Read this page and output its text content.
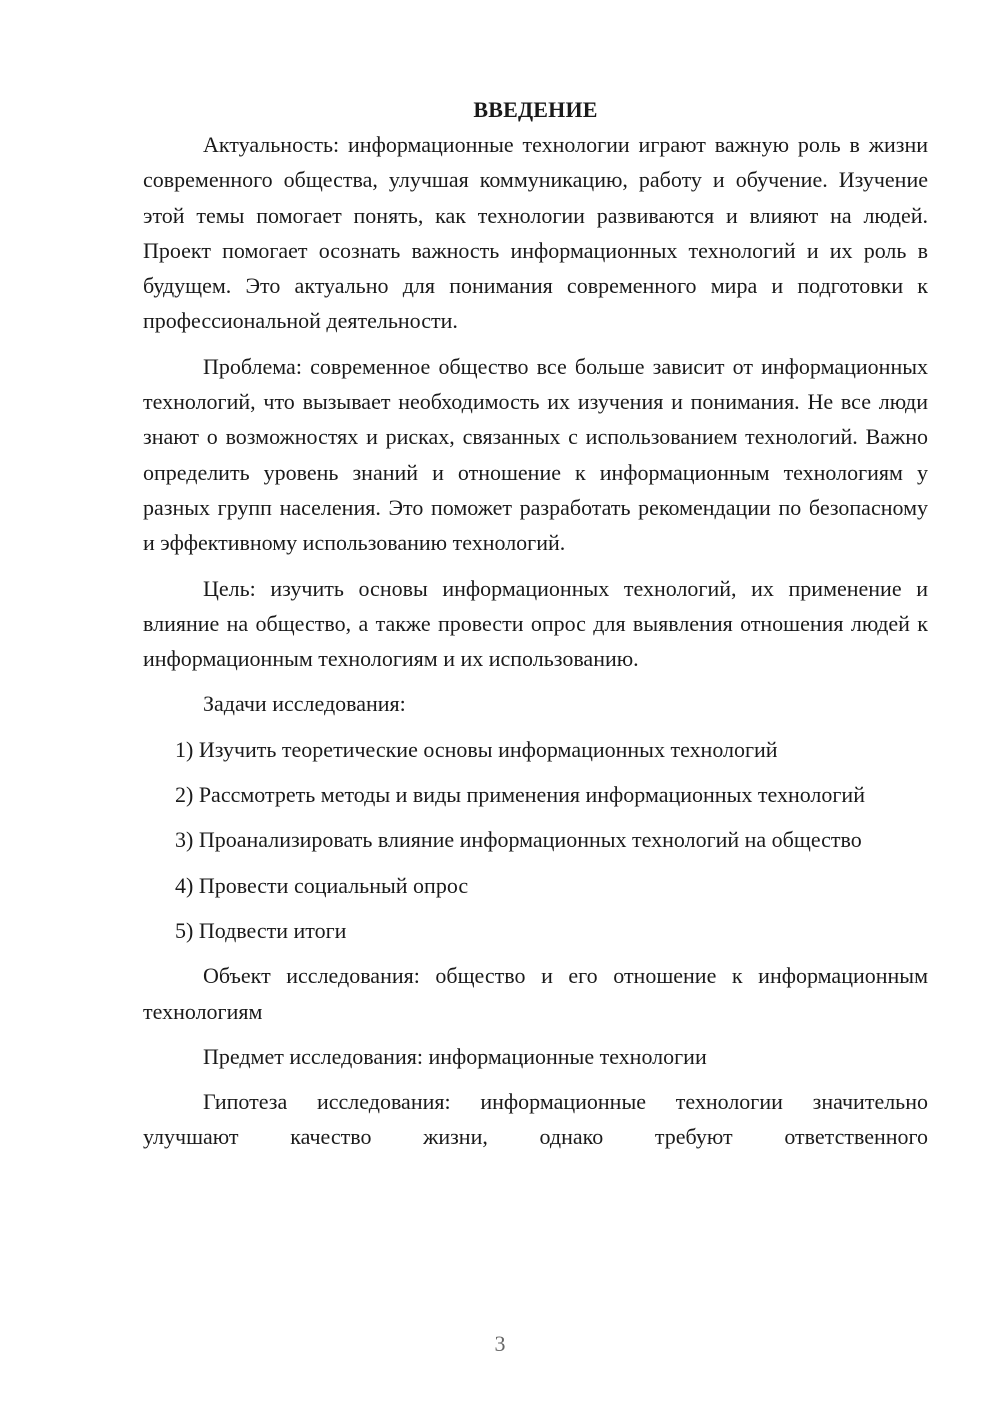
ВВЕДЕНИЕ

Актуальность: информационные технологии играют важную роль в жизни современного общества, улучшая коммуникацию, работу и обучение. Изучение этой темы помогает понять, как технологии развиваются и влияют на людей. Проект помогает осознать важность информационных технологий и их роль в будущем. Это актуально для понимания современного мира и подготовки к профессиональной деятельности.

Проблема: современное общество все больше зависит от информационных технологий, что вызывает необходимость их изучения и понимания. Не все люди знают о возможностях и рисках, связанных с использованием технологий. Важно определить уровень знаний и отношение к информационным технологиям у разных групп населения. Это поможет разработать рекомендации по безопасному и эффективному использованию технологий.

Цель: изучить основы информационных технологий, их применение и влияние на общество, а также провести опрос для выявления отношения людей к информационным технологиям и их использованию.

Задачи исследования:

1) Изучить теоретические основы информационных технологий

2) Рассмотреть методы и виды применения информационных технологий

3) Проанализировать влияние информационных технологий на общество

4) Провести социальный опрос

5) Подвести итоги

Объект исследования: общество и его отношение к информационным технологиям

Предмет исследования: информационные технологии

Гипотеза исследования: информационные технологии значительно улучшают качество жизни, однако требуют ответственного

3
